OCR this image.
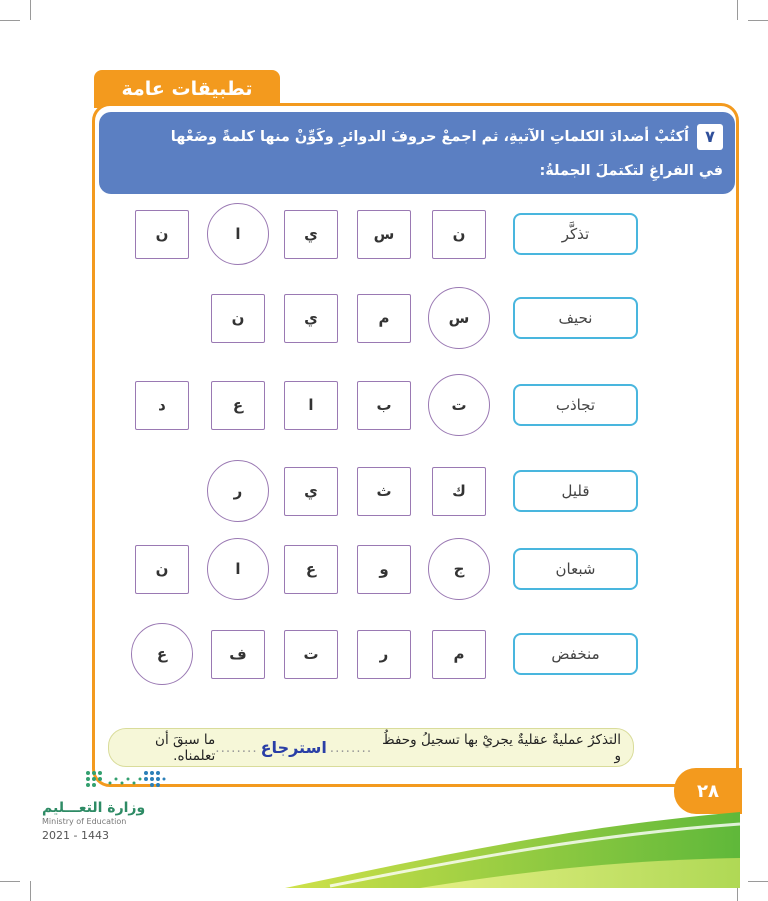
تطبيقات عامة
٧اُكتُبْ أضدادَ الكلماتِ الآتيةِ، ثم اجمعْ حروفَ الدوائرِ وكَوِّنْ منها كلمةً وضَعْها
في الفراغِ لتكتملَ الجملةُ:
تذكَّر
ن
س
ي
ا
ن
نحيف
س
م
ي
ن
تجاذب
ت
ب
ا
ع
د
قليل
ك
ث
ي
ر
شبعان
ج
و
ع
ا
ن
منخفض
م
ر
ت
ف
ع
التذكرُ عمليةٌ عقليةٌ يجريْ بها تسجيلُ وحفظُ و
........
استرجاع
........
ما سبقَ أن تعلمناه.
٢٨
وزارة التعـــليم
Ministry of Education
2021 - 1443
